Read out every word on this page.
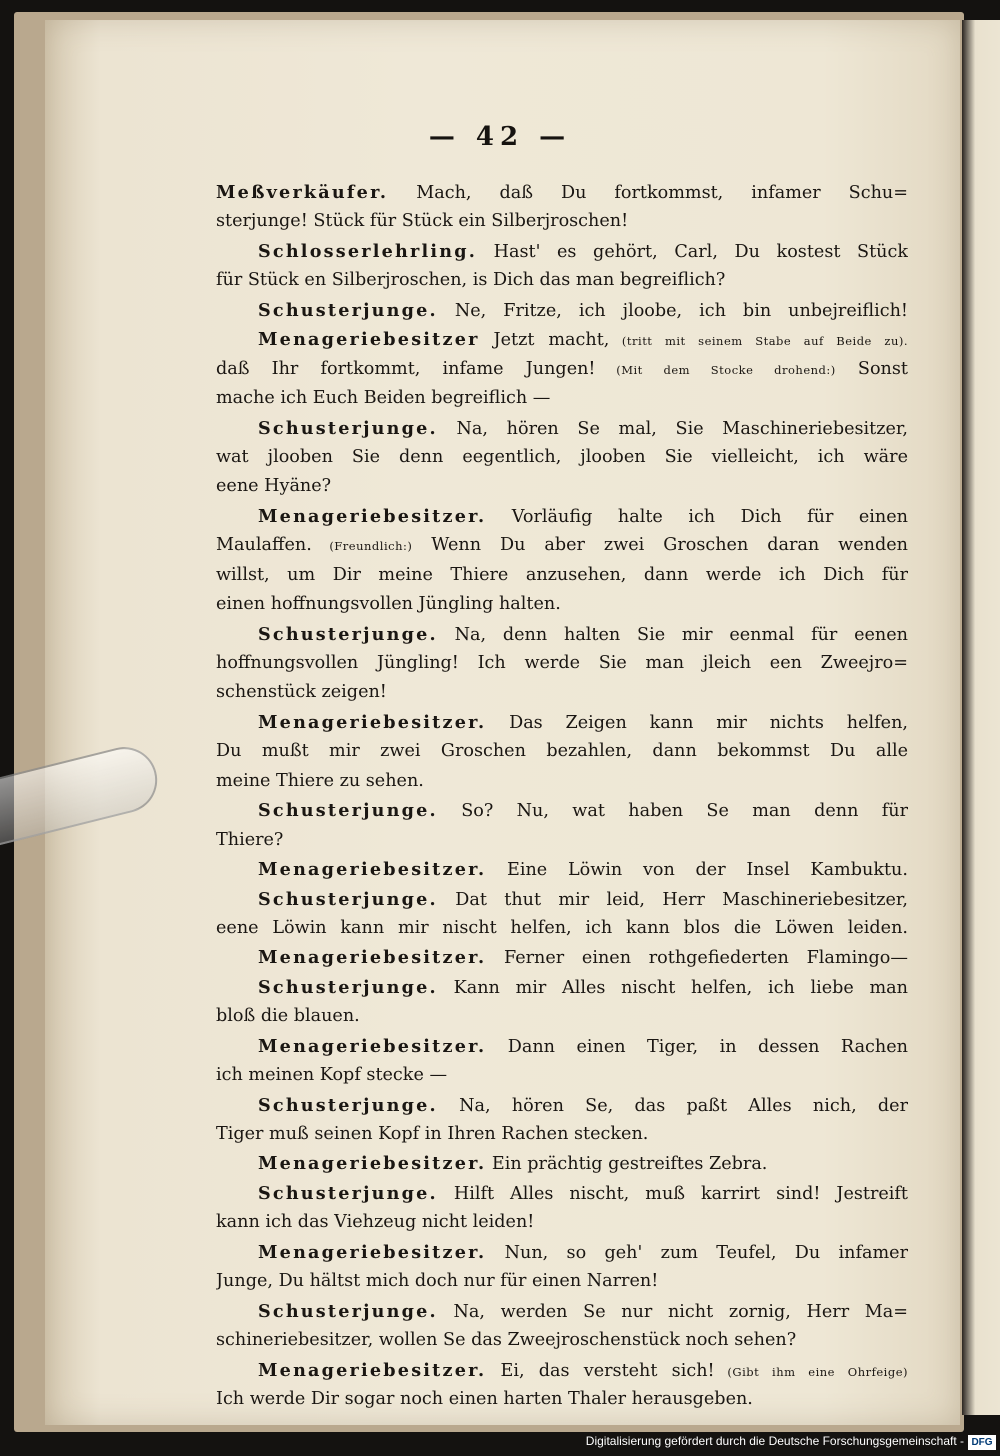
— 42 —
Meßverkäufer. Mach, daß Du fortkommst, infamer Schu=
sterjunge! Stück für Stück ein Silberjroschen!
Schlosserlehrling. Hast' es gehört, Carl, Du kostest Stück
für Stück en Silberjroschen, is Dich das man begreiflich?
Schusterjunge. Ne, Fritze, ich jloobe, ich bin unbejreiflich!
Menageriebesitzer Jetzt macht, (tritt mit seinem Stabe auf Beide zu).
daß Ihr fortkommt, infame Jungen! (Mit dem Stocke drohend:) Sonst
mache ich Euch Beiden begreiflich —
Schusterjunge. Na, hören Se mal, Sie Maschineriebesitzer,
wat jlooben Sie denn eegentlich, jlooben Sie vielleicht, ich wäre
eene Hyäne?
Menageriebesitzer. Vorläufig halte ich Dich für einen
Maulaffen. (Freundlich:) Wenn Du aber zwei Groschen daran wenden
willst, um Dir meine Thiere anzusehen, dann werde ich Dich für
einen hoffnungsvollen Jüngling halten.
Schusterjunge. Na, denn halten Sie mir eenmal für eenen
hoffnungsvollen Jüngling! Ich werde Sie man jleich een Zweejro=
schenstück zeigen!
Menageriebesitzer. Das Zeigen kann mir nichts helfen,
Du mußt mir zwei Groschen bezahlen, dann bekommst Du alle
meine Thiere zu sehen.
Schusterjunge. So? Nu, wat haben Se man denn für
Thiere?
Menageriebesitzer. Eine Löwin von der Insel Kambuktu.
Schusterjunge. Dat thut mir leid, Herr Maschineriebesitzer,
eene Löwin kann mir nischt helfen, ich kann blos die Löwen leiden.
Menageriebesitzer. Ferner einen rothgefiederten Flamingo—
Schusterjunge. Kann mir Alles nischt helfen, ich liebe man
bloß die blauen.
Menageriebesitzer. Dann einen Tiger, in dessen Rachen
ich meinen Kopf stecke —
Schusterjunge. Na, hören Se, das paßt Alles nich, der
Tiger muß seinen Kopf in Ihren Rachen stecken.
Menageriebesitzer. Ein prächtig gestreiftes Zebra.
Schusterjunge. Hilft Alles nischt, muß karrirt sind! Jestreift
kann ich das Viehzeug nicht leiden!
Menageriebesitzer. Nun, so geh' zum Teufel, Du infamer
Junge, Du hältst mich doch nur für einen Narren!
Schusterjunge. Na, werden Se nur nicht zornig, Herr Ma=
schineriebesitzer, wollen Se das Zweejroschenstück noch sehen?
Menageriebesitzer. Ei, das versteht sich! (Gibt ihm eine Ohrfeige)
Ich werde Dir sogar noch einen harten Thaler herausgeben.
Digitalisierung gefördert durch die Deutsche Forschungsgemeinschaft - DFG
